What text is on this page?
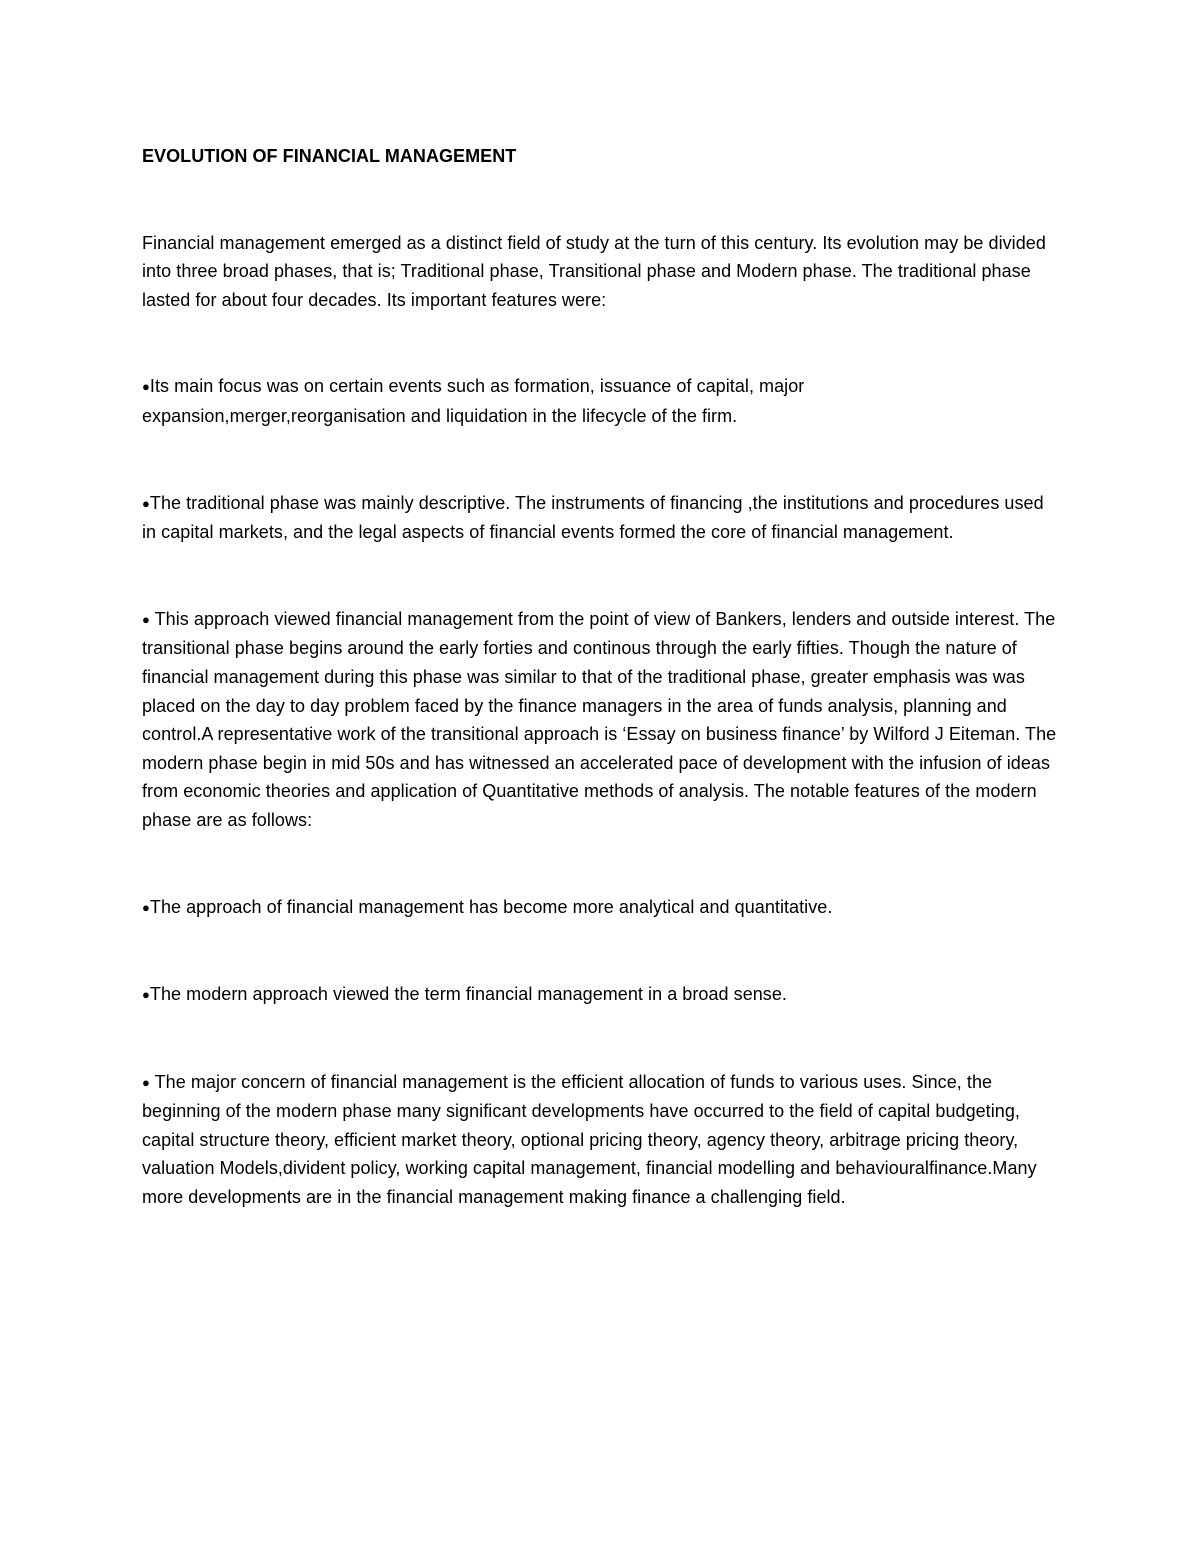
EVOLUTION OF FINANCIAL MANAGEMENT

Financial management emerged as a distinct field of study at the turn of this century. Its evolution may be divided into three broad phases, that is; Traditional phase, Transitional phase and Modern phase. The traditional phase lasted for about four decades. Its important features were:

●Its main focus was on certain events such as formation, issuance of capital, major expansion,merger,reorganisation and liquidation in the lifecycle of the firm.

●The traditional phase was mainly descriptive. The instruments of financing ,the institutions and procedures used in capital markets, and the legal aspects of financial events formed the core of financial management.

● This approach viewed financial management from the point of view of Bankers, lenders and outside interest. The transitional phase begins around the early forties and continous through the early fifties. Though the nature of financial management during this phase was similar to that of the traditional phase, greater emphasis was was placed on the day to day problem faced by the finance managers in the area of funds analysis, planning and control.A representative work of the transitional approach is ‘Essay on business finance’ by Wilford J Eiteman. The modern phase begin in mid 50s and has witnessed an accelerated pace of development with the infusion of ideas from economic theories and application of Quantitative methods of analysis. The notable features of the modern phase are as follows:

●The approach of financial management has become more analytical and quantitative.

●The modern approach viewed the term financial management in a broad sense.

● The major concern of financial management is the efficient allocation of funds to various uses. Since, the beginning of the modern phase many significant developments have occurred to the field of capital budgeting, capital structure theory, efficient market theory, optional pricing theory, agency theory, arbitrage pricing theory, valuation Models,divident policy, working capital management, financial modelling and behaviouralfinance.Many more developments are in the financial management making finance a challenging field.
